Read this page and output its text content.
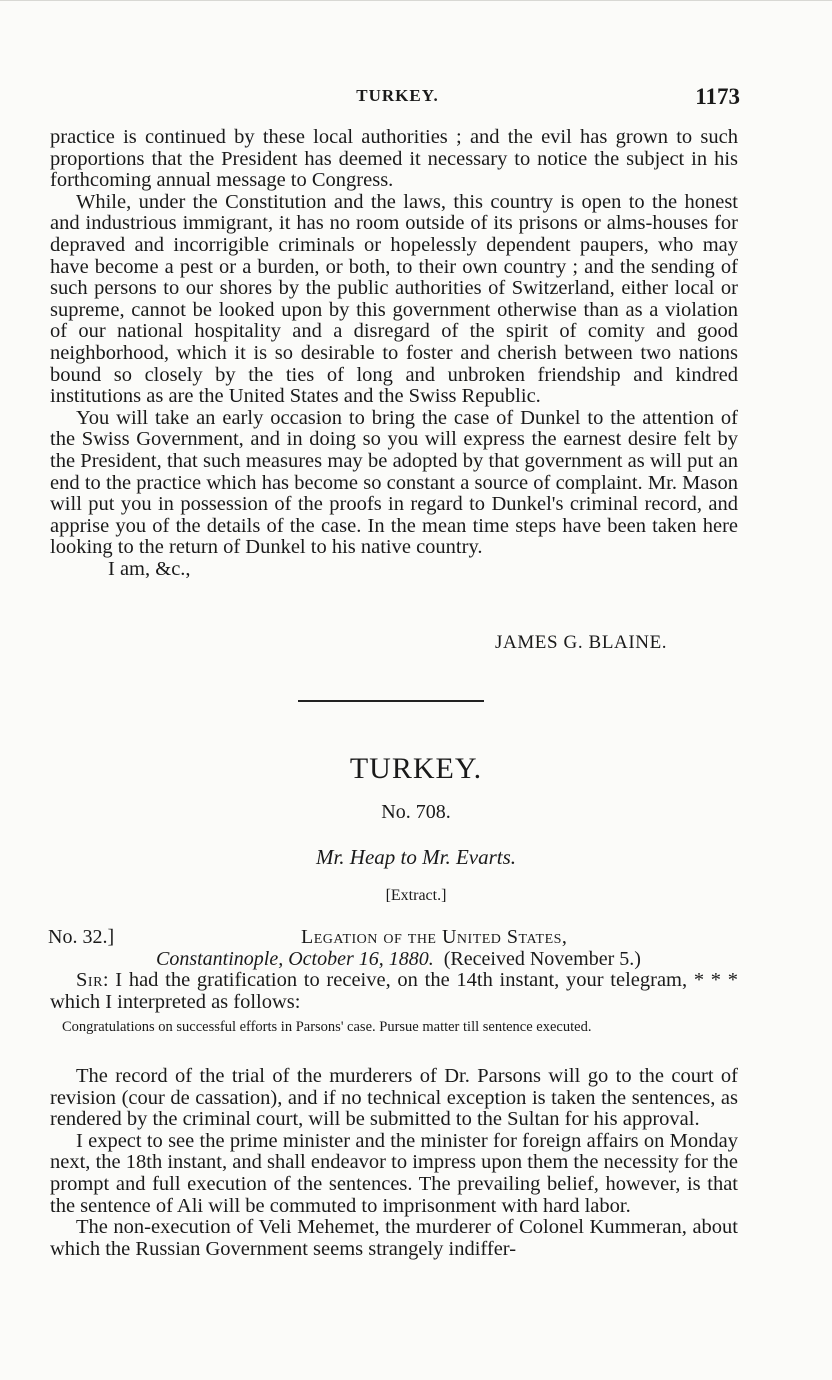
TURKEY.	1173

practice is continued by these local authorities ; and the evil has grown to such proportions that the President has deemed it necessary to notice the subject in his forthcoming annual message to Congress.

While, under the Constitution and the laws, this country is open to the honest and industrious immigrant, it has no room outside of its prisons or alms-houses for depraved and incorrigible criminals or hopelessly dependent paupers, who may have become a pest or a burden, or both, to their own country ; and the sending of such persons to our shores by the public authorities of Switzerland, either local or supreme, cannot be looked upon by this government otherwise than as a violation of our national hospitality and a disregard of the spirit of comity and good neighborhood, which it is so desirable to foster and cherish between two nations bound so closely by the ties of long and unbroken friendship and kindred institutions as are the United States and the Swiss Republic.

You will take an early occasion to bring the case of Dunkel to the attention of the Swiss Government, and in doing so you will express the earnest desire felt by the President, that such measures may be adopted by that government as will put an end to the practice which has become so constant a source of complaint. Mr. Mason will put you in possession of the proofs in regard to Dunkel's criminal record, and apprise you of the details of the case. In the mean time steps have been taken here looking to the return of Dunkel to his native country.

I am, &c.,

JAMES G. BLAINE.
TURKEY.
No. 708.
Mr. Heap to Mr. Evarts.
[Extract.]
No. 32.]	Legation of the United States,
Constantinople, October 16, 1880. (Received November 5.)

Sir: I had the gratification to receive, on the 14th instant, your telegram, * * * which I interpreted as follows:

Congratulations on successful efforts in Parsons' case. Pursue matter till sentence executed.

The record of the trial of the murderers of Dr. Parsons will go to the court of revision (cour de cassation), and if no technical exception is taken the sentences, as rendered by the criminal court, will be submitted to the Sultan for his approval.

I expect to see the prime minister and the minister for foreign affairs on Monday next, the 18th instant, and shall endeavor to impress upon them the necessity for the prompt and full execution of the sentences. The prevailing belief, however, is that the sentence of Ali will be commuted to imprisonment with hard labor.

The non-execution of Veli Mehemet, the murderer of Colonel Kummeran, about which the Russian Government seems strangely indiffer-
